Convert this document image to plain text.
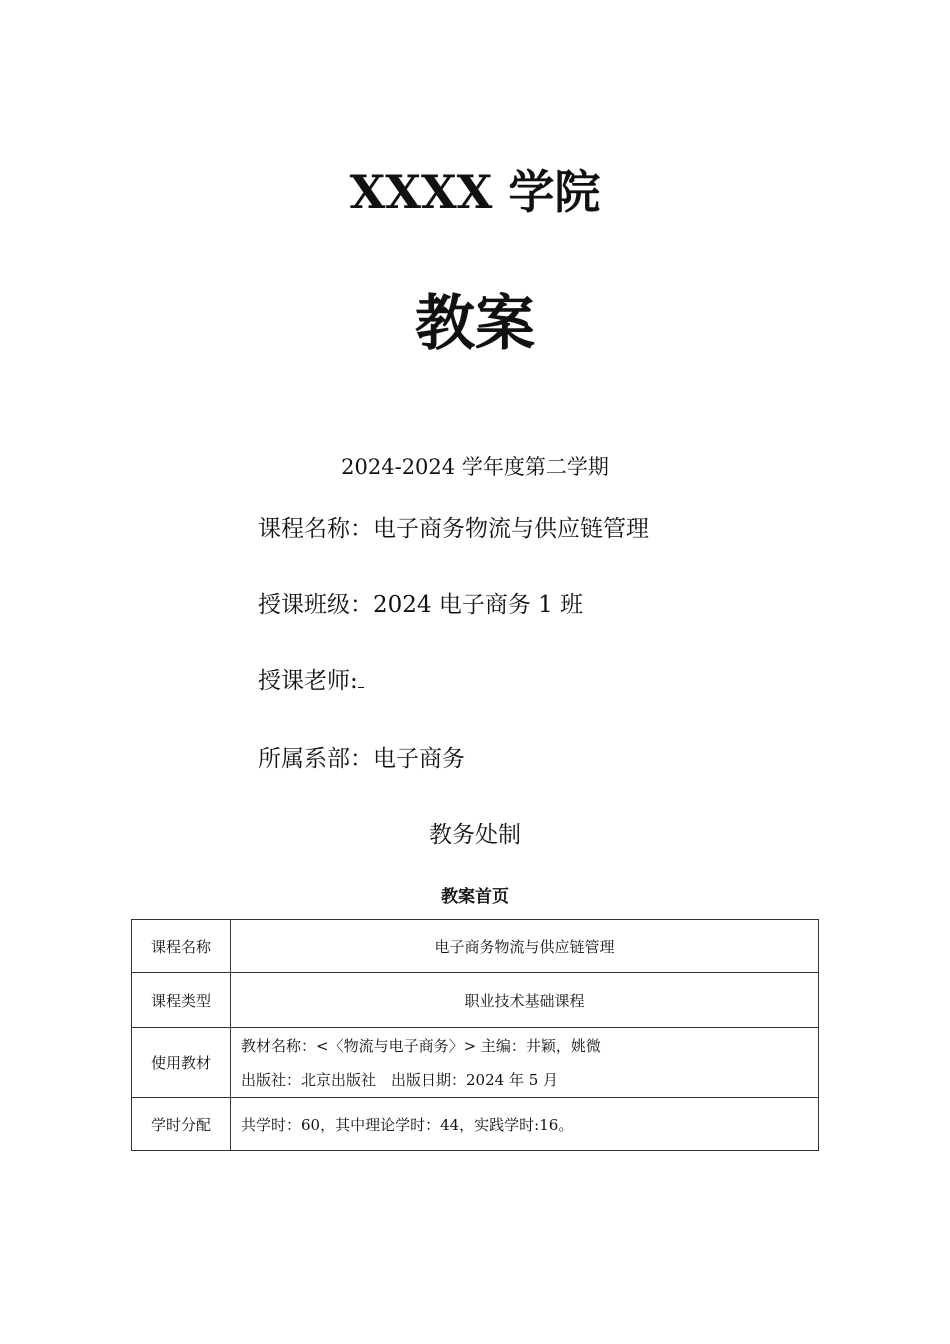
XXXX 学院
教案
2024-2024 学年度第二学期
课程名称：电子商务物流与供应链管理
授课班级：2024 电子商务 1 班
授课老师:
所属系部：电子商务
教务处制
教案首页
课程名称	电子商务物流与供应链管理
课程类型	职业技术基础课程
使用教材	教材名称：<〈物流与电子商务〉> 主编：井颖，姚微
出版社：北京出版社　出版日期：2024 年 5 月

学时分配	共学时：60，其中理论学时：44，实践学时:16。
